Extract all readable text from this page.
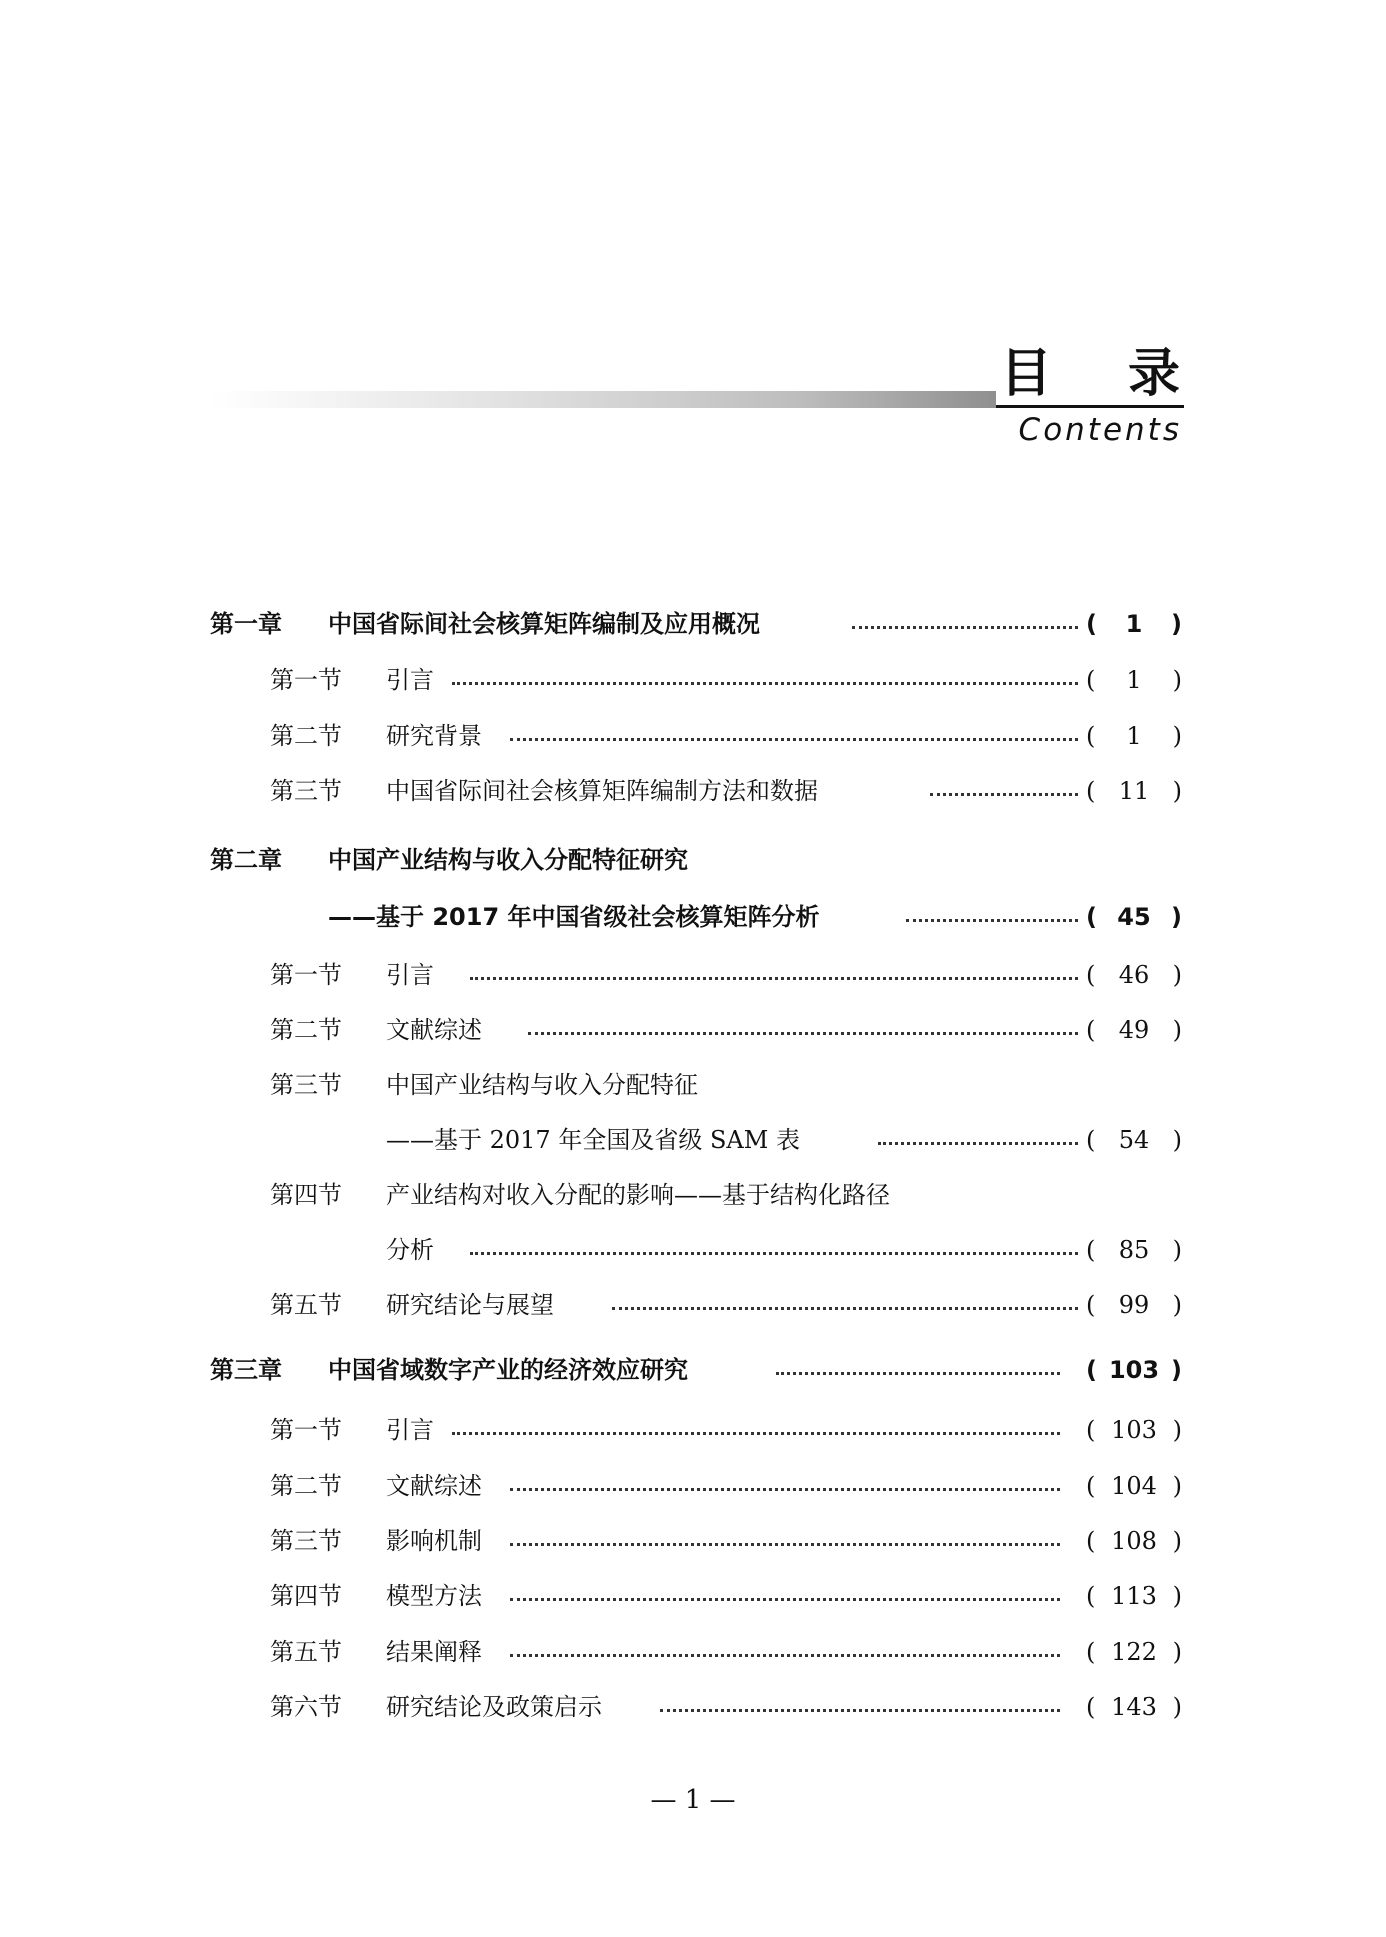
目 录
Contents
第一章 中国省际间社会核算矩阵编制及应用概况	(	1	)
第一节 引言	(	1	)
第二节 研究背景	(	1	)
第三节 中国省际间社会核算矩阵编制方法和数据	( 11 )
第二章 中国产业结构与收入分配特征研究
——基于 2017 年中国省级社会核算矩阵分析	( 45 )
第一节 引言	( 46 )
第二节 文献综述	( 49 )
第三节 中国产业结构与收入分配特征
——基于 2017 年全国及省级 SAM 表	( 54 )
第四节 产业结构对收入分配的影响——基于结构化路径
分析	( 85 )
第五节 研究结论与展望	( 99 )
第三章 中国省域数字产业的经济效应研究	( 103 )
第一节 引言	( 103 )
第二节 文献综述	( 104 )
第三节 影响机制	( 108 )
第四节 模型方法	( 113 )
第五节 结果阐释	( 122 )
第六节 研究结论及政策启示	( 143 )
— 1 —
